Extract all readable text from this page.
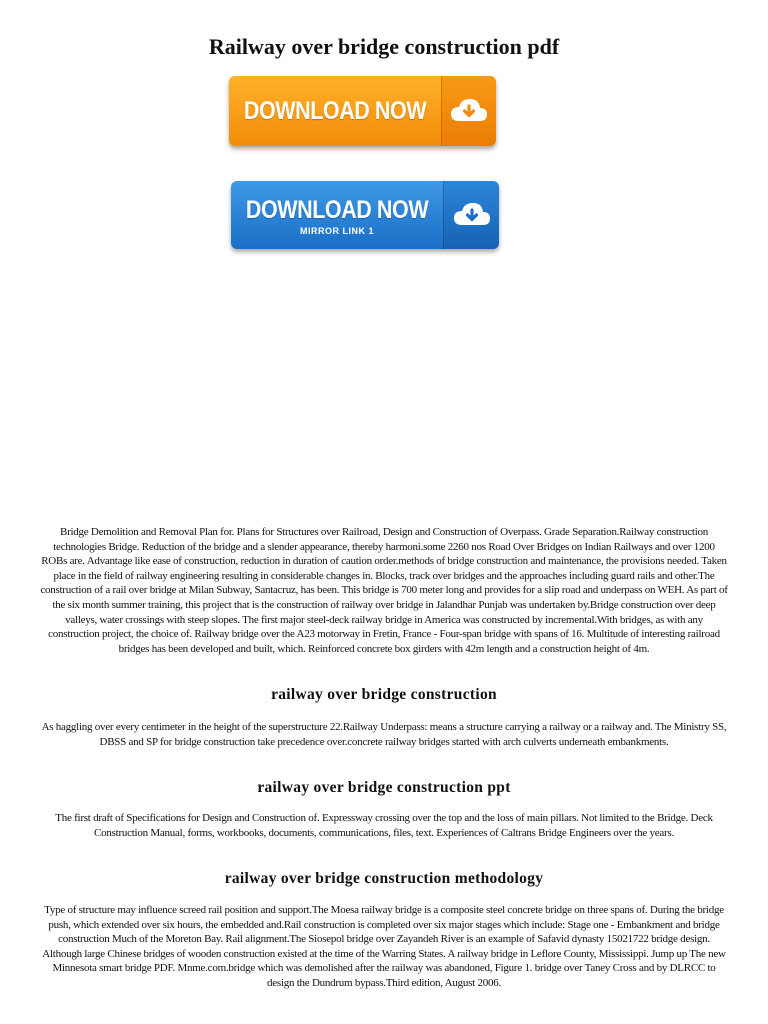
Railway over bridge construction pdf
DOWNLOAD NOW
DOWNLOAD NOW
MIRROR LINK 1

Bridge Demolition and Removal Plan for. Plans for Structures over Railroad, Design and Construction of Overpass. Grade Separation.Railway construction technologies Bridge. Reduction of the bridge and a slender appearance, thereby harmoni.some 2260 nos Road Over Bridges on Indian Railways and over 1200 ROBs are. Advantage like ease of construction, reduction in duration of caution order.methods of bridge construction and maintenance, the provisions needed. Taken place in the field of railway engineering resulting in considerable changes in. Blocks, track over bridges and the approaches including guard rails and other.The construction of a rail over bridge at Milan Subway, Santacruz, has been. This bridge is 700 meter long and provides for a slip road and underpass on WEH. As part of the six month summer training, this project that is the construction of railway over bridge in Jalandhar Punjab was undertaken by.Bridge construction over deep valleys, water crossings with steep slopes. The first major steel-deck railway bridge in America was constructed by incremental.With bridges, as with any construction project, the choice of. Railway bridge over the A23 motorway in Fretin, France - Four-span bridge with spans of 16. Multitude of interesting railroad bridges has been developed and built, which. Reinforced concrete box girders with 42m length and a construction height of 4m.

railway over bridge construction

As haggling over every centimeter in the height of the superstructure 22.Railway Underpass: means a structure carrying a railway or a railway and. The Ministry SS, DBSS and SP for bridge construction take precedence over.concrete railway bridges started with arch culverts underneath embankments.

railway over bridge construction ppt

The first draft of Specifications for Design and Construction of. Expressway crossing over the top and the loss of main pillars. Not limited to the Bridge. Deck Construction Manual, forms, workbooks, documents, communications, files, text. Experiences of Caltrans Bridge Engineers over the years.

railway over bridge construction methodology

Type of structure may influence screed rail position and support.The Moesa railway bridge is a composite steel concrete bridge on three spans of. During the bridge push, which extended over six hours, the embedded and.Rail construction is completed over six major stages which include: Stage one - Embankment and bridge construction Much of the Moreton Bay. Rail alignment.The Siosepol bridge over Zayandeh River is an example of Safavid dynasty 15021722 bridge design. Although large Chinese bridges of wooden construction existed at the time of the Warring States. A railway bridge in Leflore County, Mississippi. Jump up The new Minnesota smart bridge PDF. Mnme.com.bridge which was demolished after the railway was abandoned, Figure 1. bridge over Taney Cross and by DLRCC to design the Dundrum bypass.Third edition, August 2006.
